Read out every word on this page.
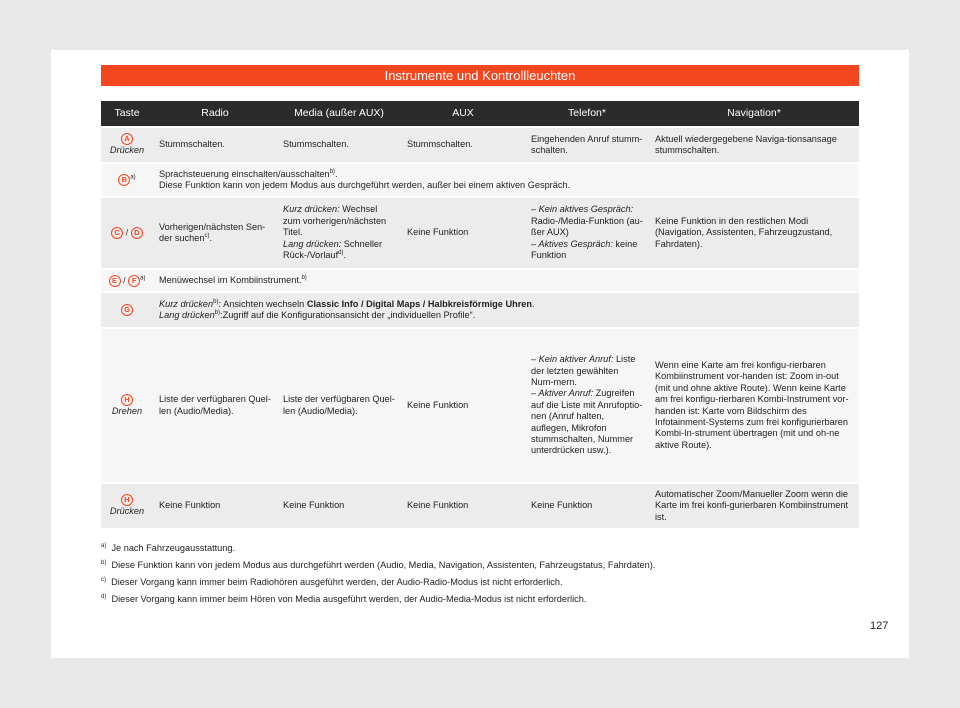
Instrumente und Kontrollleuchten
Taste	Radio	Media (außer AUX)	AUX	Telefon*	Navigation*
A
Drücken	Stummschalten.	Stummschalten.	Stummschalten.	Eingehenden Anruf stumm-schalten.	Aktuell wiedergegebene Naviga-tionsansage stummschalten.
B $^{a)}$	Sprachsteuerung einschalten/ausschalten$^{b)}$.
Diese Funktion kann von jedem Modus aus durchgeführt werden, außer bei einem aktiven Gespräch.				
C / D	Vorherigen/nächsten Sen-der suchen$^{c)}$.	Kurz drücken: Wechsel zum vorherigen/nächsten Titel.
Lang drücken: Schneller Rück-/Vorlauf$^{d)}$.	Keine Funktion	– Kein aktives Gespräch:
Radio-/Media-Funktion (au-ßer AUX)
– Aktives Gespräch: keine Funktion	Keine Funktion in den restlichen Modi (Navigation, Assistenten, Fahrzeugzustand, Fahrdaten).
E / F $^{a)}$	Menüwechsel im Kombiinstrument.$^{b)}$
G	Kurz drücken$^{b)}$: Ansichten wechseln Classic Info / Digital Maps / Halbkreisförmige Uhren.
Lang drücken$^{b)}$:Zugriff auf die Konfigurationsansicht der „individuellen Profile“.				
H
Drehen	Liste der verfügbaren Quel-len (Audio/Media).	Liste der verfügbaren Quel-len (Audio/Media).	Keine Funktion	– Kein aktiver Anruf: Liste der letzten gewählten Num-mern.
– Aktiver Anruf: Zugreifen auf die Liste mit Anrufoptio-nen (Anruf halten, auflegen, Mikrofon stummschalten, Nummer unterdrücken usw.).	Wenn eine Karte am frei konfigu-rierbaren Kombiinstrument vor-handen ist: Zoom in-out (mit und ohne aktive Route). Wenn keine Karte am frei konfigu-rierbaren Kombi-Instrument vor-handen ist: Karte vom Bildschirm des Infotainment-Systems zum frei konfigurierbaren Kombi-In-strument übertragen (mit und oh-ne aktive Route).
H
Drücken	Keine Funktion	Keine Funktion	Keine Funktion	Keine Funktion	Automatischer Zoom/Manueller Zoom wenn die Karte im frei konfi-gurierbaren Kombiinstrument ist.
$^{a)}$ Je nach Fahrzeugausstattung.
$^{b)}$ Diese Funktion kann von jedem Modus aus durchgeführt werden (Audio, Media, Navigation, Assistenten, Fahrzeugstatus, Fahrdaten).
$^{c)}$ Dieser Vorgang kann immer beim Radiohören ausgeführt werden, der Audio-Radio-Modus ist nicht erforderlich.
$^{d)}$ Dieser Vorgang kann immer beim Hören von Media ausgeführt werden, der Audio-Media-Modus ist nicht erforderlich.
127
